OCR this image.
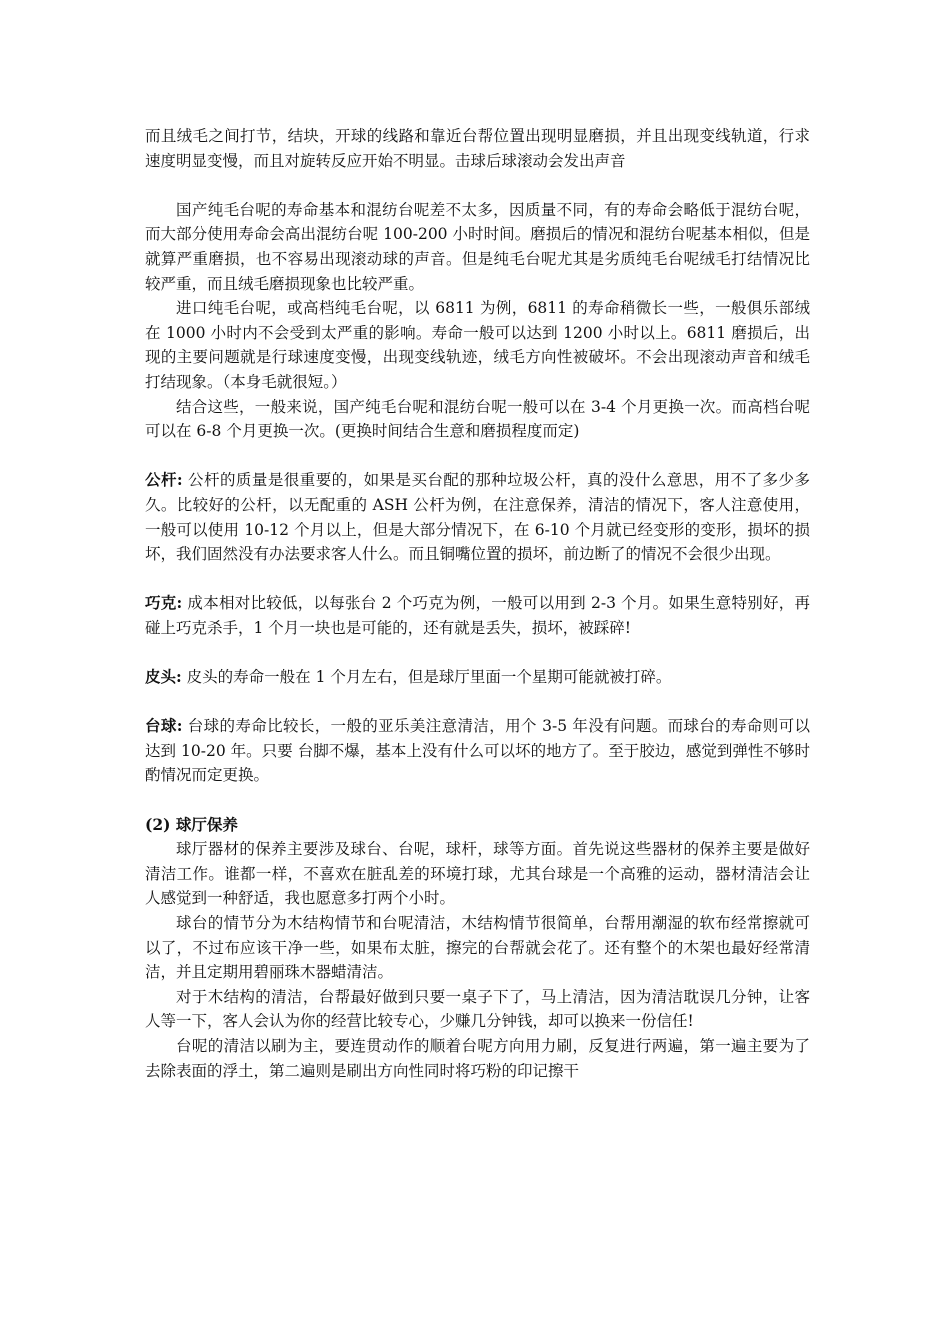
而且绒毛之间打节，结块，开球的线路和靠近台帮位置出现明显磨损，并且出现变线轨道，行求速度明显变慢，而且对旋转反应开始不明显。击球后球滚动会发出声音

国产纯毛台呢的寿命基本和混纺台呢差不太多，因质量不同，有的寿命会略低于混纺台呢，而大部分使用寿命会高出混纺台呢 100-200 小时时间。磨损后的情况和混纺台呢基本相似，但是就算严重磨损，也不容易出现滚动球的声音。但是纯毛台呢尤其是劣质纯毛台呢绒毛打结情况比较严重，而且绒毛磨损现象也比较严重。

进口纯毛台呢，或高档纯毛台呢，以 6811 为例，6811 的寿命稍微长一些，一般俱乐部绒在 1000 小时内不会受到太严重的影响。寿命一般可以达到 1200 小时以上。6811 磨损后，出现的主要问题就是行球速度变慢，出现变线轨迹，绒毛方向性被破坏。不会出现滚动声音和绒毛打结现象。（本身毛就很短。）

结合这些，一般来说，国产纯毛台呢和混纺台呢一般可以在 3-4 个月更换一次。而高档台呢可以在 6-8 个月更换一次。(更换时间结合生意和磨损程度而定)

公杆: 公杆的质量是很重要的，如果是买台配的那种垃圾公杆，真的没什么意思，用不了多少多久。比较好的公杆，以无配重的 ASH 公杆为例，在注意保养，清洁的情况下，客人注意使用，一般可以使用 10-12 个月以上，但是大部分情况下，在 6-10 个月就已经变形的变形，损坏的损坏，我们固然没有办法要求客人什么。而且铜嘴位置的损坏，前边断了的情况不会很少出现。

巧克: 成本相对比较低，以每张台 2 个巧克为例，一般可以用到 2-3 个月。如果生意特别好，再碰上巧克杀手，1 个月一块也是可能的，还有就是丢失，损坏，被踩碎!

皮头: 皮头的寿命一般在 1 个月左右，但是球厅里面一个星期可能就被打碎。

台球: 台球的寿命比较长，一般的亚乐美注意清洁，用个 3-5 年没有问题。而球台的寿命则可以达到 10-20 年。只要 台脚不爆，基本上没有什么可以坏的地方了。至于胶边，感觉到弹性不够时酌情况而定更换。

(2) 球厅保养

球厅器材的保养主要涉及球台、台呢，球杆，球等方面。首先说这些器材的保养主要是做好清洁工作。谁都一样，不喜欢在脏乱差的环境打球，尤其台球是一个高雅的运动，器材清洁会让人感觉到一种舒适，我也愿意多打两个小时。

球台的情节分为木结构情节和台呢清洁，木结构情节很简单，台帮用潮湿的软布经常擦就可以了，不过布应该干净一些，如果布太脏，擦完的台帮就会花了。还有整个的木架也最好经常清洁，并且定期用碧丽珠木器蜡清洁。

对于木结构的清洁，台帮最好做到只要一桌子下了，马上清洁，因为清洁耽误几分钟，让客人等一下，客人会认为你的经营比较专心，少赚几分钟钱，却可以换来一份信任!

台呢的清洁以刷为主，要连贯动作的顺着台呢方向用力刷，反复进行两遍，第一遍主要为了去除表面的浮土，第二遍则是刷出方向性同时将巧粉的印记擦干
